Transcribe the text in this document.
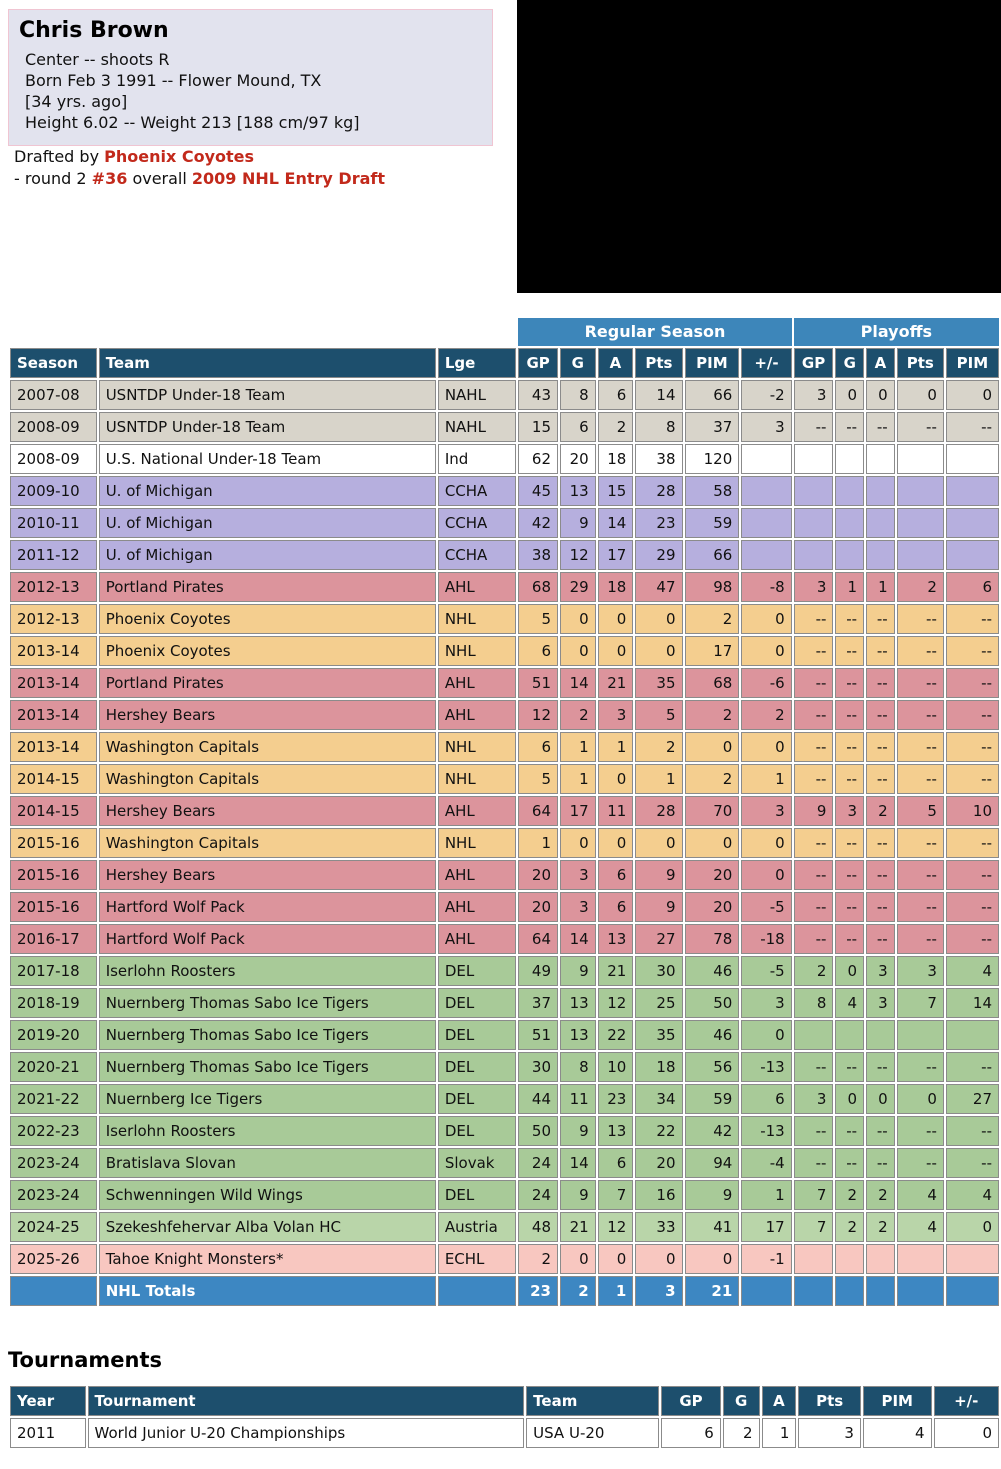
Chris Brown
Center -- shoots R
Born Feb 3 1991 -- Flower Mound, TX
[34 yrs. ago]
Height 6.02 -- Weight 213 [188 cm/97 kg]
Drafted by Phoenix Coyotes
- round 2 #36 overall 2009 NHL Entry Draft
			Regular Season						Playoffs				
Season	Team	Lge	GP	G	A	Pts	PIM	+/-	GP	G	A	Pts	PIM
2007-08	USNTDP Under-18 Team	NAHL	43	8	6	14	66	-2	3	0	0	0	0
2008-09	USNTDP Under-18 Team	NAHL	15	6	2	8	37	3	--	--	--	--	--
2008-09	U.S. National Under-18 Team	Ind	62	20	18	38	120						
2009-10	U. of Michigan	CCHA	45	13	15	28	58						
2010-11	U. of Michigan	CCHA	42	9	14	23	59						
2011-12	U. of Michigan	CCHA	38	12	17	29	66						
2012-13	Portland Pirates	AHL	68	29	18	47	98	-8	3	1	1	2	6
2012-13	Phoenix Coyotes	NHL	5	0	0	0	2	0	--	--	--	--	--
2013-14	Phoenix Coyotes	NHL	6	0	0	0	17	0	--	--	--	--	--
2013-14	Portland Pirates	AHL	51	14	21	35	68	-6	--	--	--	--	--
2013-14	Hershey Bears	AHL	12	2	3	5	2	2	--	--	--	--	--
2013-14	Washington Capitals	NHL	6	1	1	2	0	0	--	--	--	--	--
2014-15	Washington Capitals	NHL	5	1	0	1	2	1	--	--	--	--	--
2014-15	Hershey Bears	AHL	64	17	11	28	70	3	9	3	2	5	10
2015-16	Washington Capitals	NHL	1	0	0	0	0	0	--	--	--	--	--
2015-16	Hershey Bears	AHL	20	3	6	9	20	0	--	--	--	--	--
2015-16	Hartford Wolf Pack	AHL	20	3	6	9	20	-5	--	--	--	--	--
2016-17	Hartford Wolf Pack	AHL	64	14	13	27	78	-18	--	--	--	--	--
2017-18	Iserlohn Roosters	DEL	49	9	21	30	46	-5	2	0	3	3	4
2018-19	Nuernberg Thomas Sabo Ice Tigers	DEL	37	13	12	25	50	3	8	4	3	7	14
2019-20	Nuernberg Thomas Sabo Ice Tigers	DEL	51	13	22	35	46	0					
2020-21	Nuernberg Thomas Sabo Ice Tigers	DEL	30	8	10	18	56	-13	--	--	--	--	--
2021-22	Nuernberg Ice Tigers	DEL	44	11	23	34	59	6	3	0	0	0	27
2022-23	Iserlohn Roosters	DEL	50	9	13	22	42	-13	--	--	--	--	--
2023-24	Bratislava Slovan	Slovak	24	14	6	20	94	-4	--	--	--	--	--
2023-24	Schwenningen Wild Wings	DEL	24	9	7	16	9	1	7	2	2	4	4
2024-25	Szekeshfehervar Alba Volan HC	Austria	48	21	12	33	41	17	7	2	2	4	0
2025-26	Tahoe Knight Monsters*	ECHL	2	0	0	0	0	-1					
	NHL Totals		23	2	1	3	21						
Tournaments
Year	Tournament	Team	GP	G	A	Pts	PIM	+/-
2011	World Junior U-20 Championships	USA U-20	6	2	1	3	4	0
